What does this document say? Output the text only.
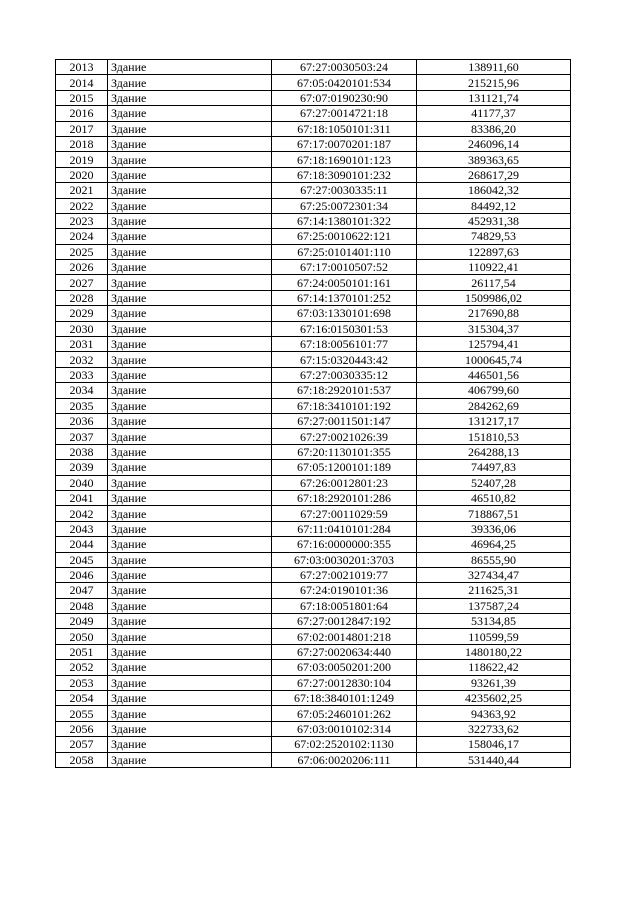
2013	Здание	67:27:0030503:24	138911,60
2014	Здание	67:05:0420101:534	215215,96
2015	Здание	67:07:0190230:90	131121,74
2016	Здание	67:27:0014721:18	41177,37
2017	Здание	67:18:1050101:311	83386,20
2018	Здание	67:17:0070201:187	246096,14
2019	Здание	67:18:1690101:123	389363,65
2020	Здание	67:18:3090101:232	268617,29
2021	Здание	67:27:0030335:11	186042,32
2022	Здание	67:25:0072301:34	84492,12
2023	Здание	67:14:1380101:322	452931,38
2024	Здание	67:25:0010622:121	74829,53
2025	Здание	67:25:0101401:110	122897,63
2026	Здание	67:17:0010507:52	110922,41
2027	Здание	67:24:0050101:161	26117,54
2028	Здание	67:14:1370101:252	1509986,02
2029	Здание	67:03:1330101:698	217690,88
2030	Здание	67:16:0150301:53	315304,37
2031	Здание	67:18:0056101:77	125794,41
2032	Здание	67:15:0320443:42	1000645,74
2033	Здание	67:27:0030335:12	446501,56
2034	Здание	67:18:2920101:537	406799,60
2035	Здание	67:18:3410101:192	284262,69
2036	Здание	67:27:0011501:147	131217,17
2037	Здание	67:27:0021026:39	151810,53
2038	Здание	67:20:1130101:355	264288,13
2039	Здание	67:05:1200101:189	74497,83
2040	Здание	67:26:0012801:23	52407,28
2041	Здание	67:18:2920101:286	46510,82
2042	Здание	67:27:0011029:59	718867,51
2043	Здание	67:11:0410101:284	39336,06
2044	Здание	67:16:0000000:355	46964,25
2045	Здание	67:03:0030201:3703	86555,90
2046	Здание	67:27:0021019:77	327434,47
2047	Здание	67:24:0190101:36	211625,31
2048	Здание	67:18:0051801:64	137587,24
2049	Здание	67:27:0012847:192	53134,85
2050	Здание	67:02:0014801:218	110599,59
2051	Здание	67:27:0020634:440	1480180,22
2052	Здание	67:03:0050201:200	118622,42
2053	Здание	67:27:0012830:104	93261,39
2054	Здание	67:18:3840101:1249	4235602,25
2055	Здание	67:05:2460101:262	94363,92
2056	Здание	67:03:0010102:314	322733,62
2057	Здание	67:02:2520102:1130	158046,17
2058	Здание	67:06:0020206:111	531440,44
